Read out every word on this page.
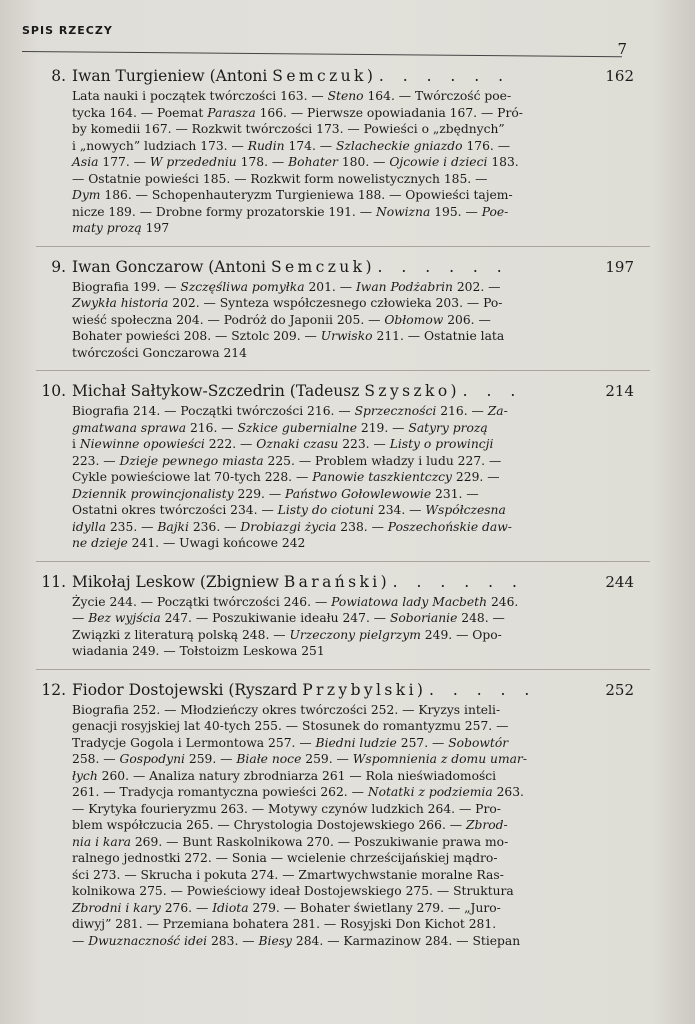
SPIS RZECZY
7
8. Iwan Turgieniew (Antoni Semczuk) . . . . . .	162

Lata nauki i początek twórczości 163. — Steno 164. — Twórczość poe-

tycka 164. — Poemat Parasza 166. — Pierwsze opowiadania 167. — Pró-

by komedii 167. — Rozkwit twórczości 173. — Powieści o „zbędnych”

i „nowych” ludziach 173. — Rudin 174. — Szlacheckie gniazdo 176. —

Asia 177. — W przededniu 178. — Bohater 180. — Ojcowie i dzieci 183.

— Ostatnie powieści 185. — Rozkwit form nowelistycznych 185. —

Dym 186. — Schopenhauteryzm Turgieniewa 188. — Opowieści tajem-

nicze 189. — Drobne formy prozatorskie 191. — Nowizna 195. — Poe-

maty prozą 197

9. Iwan Gonczarow (Antoni Semczuk) . . . . . .	197

Biografia 199. — Szczęśliwa pomyłka 201. — Iwan Podżabrin 202. —

Zwykła historia 202. — Synteza współczesnego człowieka 203. — Po-

wieść społeczna 204. — Podróż do Japonii 205. — Obłomow 206. —

Bohater powieści 208. — Sztolc 209. — Urwisko 211. — Ostatnie lata

twórczości Gonczarowa 214

10. Michał Sałtykow-Szczedrin (Tadeusz Szyszko) . . .	214

Biografia 214. — Początki twórczości 216. — Sprzeczności 216. — Za-

gmatwana sprawa 216. — Szkice gubernialne 219. — Satyry prozą

i Niewinne opowieści 222. — Oznaki czasu 223. — Listy o prowincji

223. — Dzieje pewnego miasta 225. — Problem władzy i ludu 227. —

Cykle powieściowe lat 70-tych 228. — Panowie taszkientczcy 229. —

Dziennik prowincjonalisty 229. — Państwo Gołowlewowie 231. —

Ostatni okres twórczości 234. — Listy do ciotuni 234. — Współczesna

idylla 235. — Bajki 236. — Drobiazgi życia 238. — Poszechońskie daw-

ne dzieje 241. — Uwagi końcowe 242

11. Mikołaj Leskow (Zbigniew Barański) . . . . . .	244

Życie 244. — Początki twórczości 246. — Powiatowa lady Macbeth 246.

— Bez wyjścia 247. — Poszukiwanie ideału 247. — Soborianie 248. —

Związki z literaturą polską 248. — Urzeczony pielgrzym 249. — Opo-

wiadania 249. — Tołstoizm Leskowa 251

12. Fiodor Dostojewski (Ryszard Przybylski) . . . . .	252

Biografia 252. — Młodzieńczy okres twórczości 252. — Kryzys inteli-

genacji rosyjskiej lat 40-tych 255. — Stosunek do romantyzmu 257. —

Tradycje Gogola i Lermontowa 257. — Biedni ludzie 257. — Sobowtór

258. — Gospodyni 259. — Białe noce 259. — Wspomnienia z domu umar-

łych 260. — Analiza natury zbrodniarza 261 — Rola nieświadomości

261. — Tradycja romantyczna powieści 262. — Notatki z podziemia 263.

— Krytyka fourieryzmu 263. — Motywy czynów ludzkich 264. — Pro-

blem współczucia 265. — Chrystologia Dostojewskiego 266. — Zbrod-

nia i kara 269. — Bunt Raskolnikowa 270. — Poszukiwanie prawa mo-

ralnego jednostki 272. — Sonia — wcielenie chrześcijańskiej mądro-

ści 273. — Skrucha i pokuta 274. — Zmartwychwstanie moralne Ras-

kolnikowa 275. — Powieściowy ideał Dostojewskiego 275. — Struktura

Zbrodni i kary 276. — Idiota 279. — Bohater świetlany 279. — „Juro-

diwyj” 281. — Przemiana bohatera 281. — Rosyjski Don Kichot 281.

— Dwuznaczność idei 283. — Biesy 284. — Karmazinow 284. — Stiepan
